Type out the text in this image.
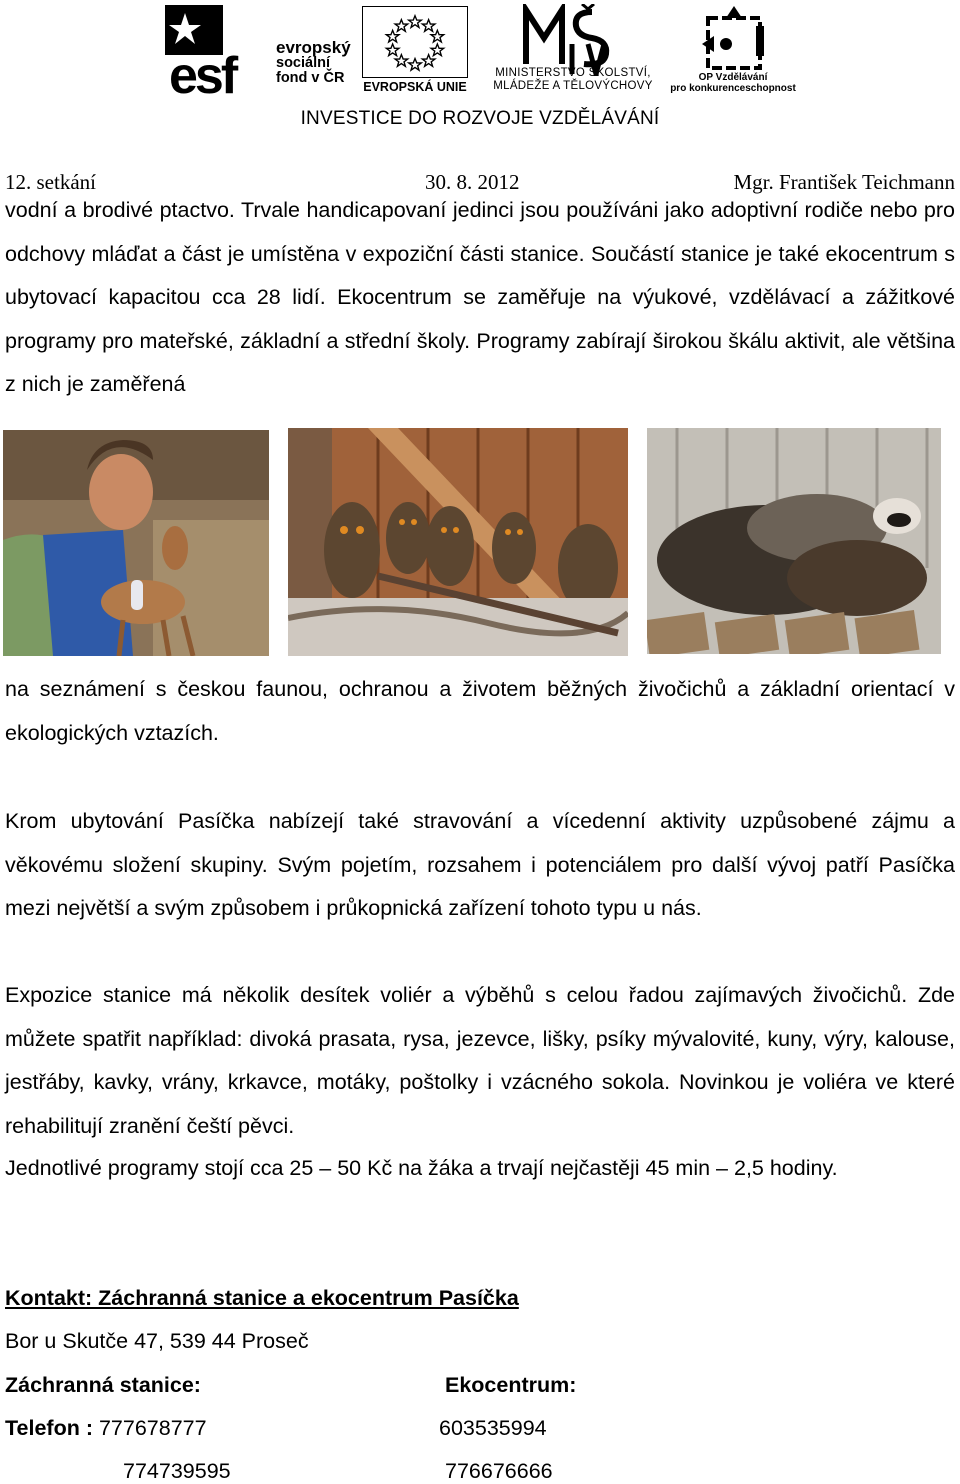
esf evropský
sociální
fond v ČR
EVROPSKÁ UNIE
MINISTERSTVO ŠKOLSTVÍ,
MLÁDEŽE A TĚLOVÝCHOVY
OP Vzdělávání
pro konkurenceschopnost
INVESTICE DO ROZVOJE VZDĚLÁVÁNÍ
12. setkání	30. 8. 2012	Mgr. František Teichmann

vodní a brodivé ptactvo. Trvale handicapovaní jedinci jsou používáni jako adoptivní rodiče nebo pro odchovy mláďat a část je umístěna v expoziční části stanice. Součástí stanice je také ekocentrum s ubytovací kapacitou cca 28 lidí. Ekocentrum se zaměřuje na výukové, vzdělávací a zážitkové programy pro mateřské, základní a střední školy. Programy zabírají širokou škálu aktivit, ale většina z nich je zaměřená

na seznámení s českou faunou, ochranou a životem běžných živočichů a základní orientací v ekologických vztazích.

Krom ubytování Pasíčka nabízejí také stravování a vícedenní aktivity uzpůsobené zájmu a věkovému složení skupiny. Svým pojetím, rozsahem i potenciálem pro další vývoj patří Pasíčka mezi největší a svým způsobem i průkopnická zařízení tohoto typu u nás.

Expozice stanice má několik desítek voliér a výběhů s celou řadou zajímavých živočichů. Zde můžete spatřit například: divoká prasata, rysa, jezevce, lišky, psíky mývalovité, kuny, výry, kalouse, jestřáby, kavky, vrány, krkavce, motáky, poštolky i vzácného sokola. Novinkou je voliéra ve které rehabilitují zranění čeští pěvci.

Jednotlivé programy stojí cca 25 – 50 Kč na žáka a trvají nejčastěji 45 min – 2,5 hodiny.

Kontakt: Záchranná stanice a ekocentrum Pasíčka
Bor u Skutče 47, 539 44 Proseč
Záchranná stanice:	Ekocentrum:
Telefon : 777678777	603535994
774739595	776676666
